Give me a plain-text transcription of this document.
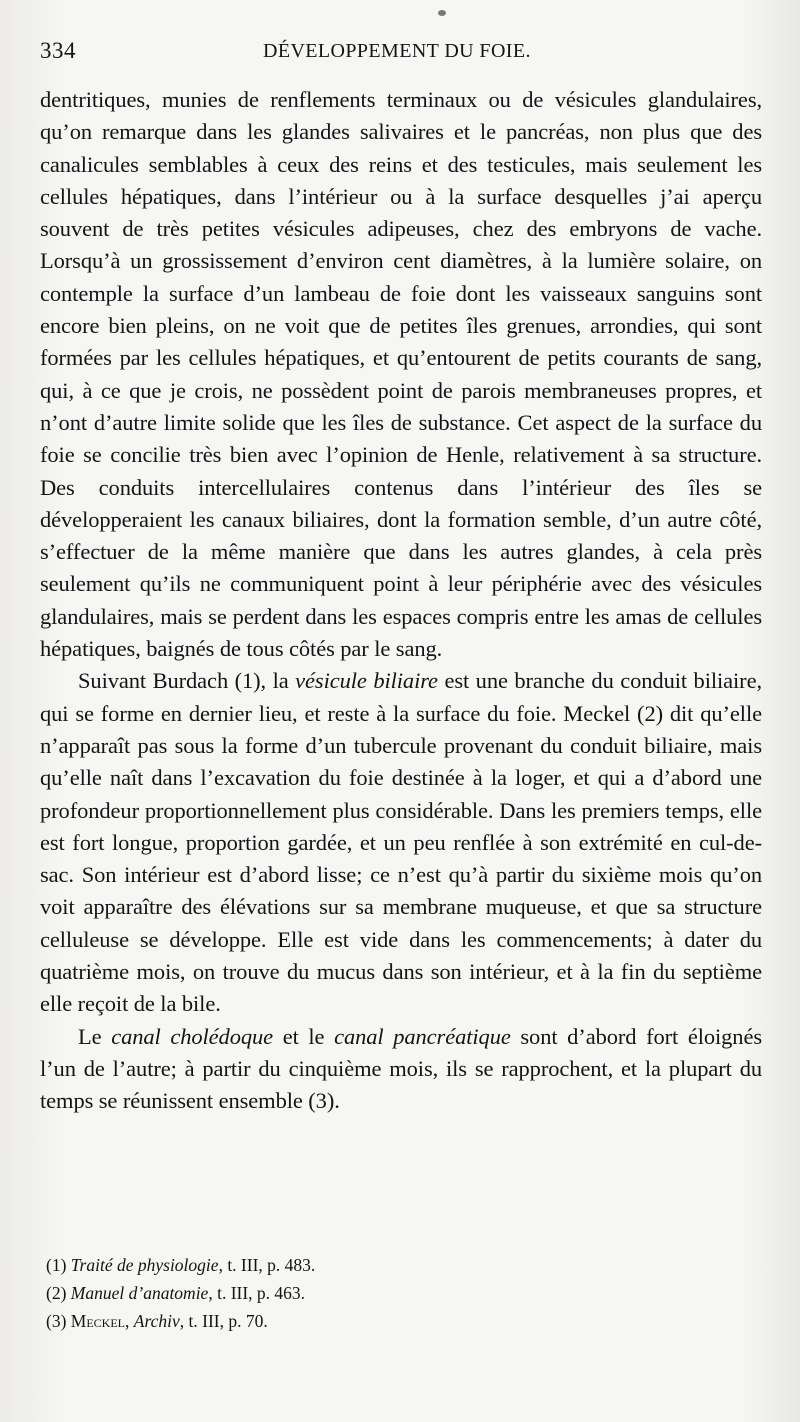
334	DÉVELOPPEMENT DU FOIE.

dentritiques, munies de renflements terminaux ou de vésicules glandulaires, qu’on remarque dans les glandes salivaires et le pancréas, non plus que des canalicules semblables à ceux des reins et des testicules, mais seulement les cellules hépatiques, dans l’intérieur ou à la surface desquelles j’ai aperçu souvent de très petites vésicules adipeuses, chez des embryons de vache. Lorsqu’à un grossissement d’environ cent diamètres, à la lumière solaire, on contemple la surface d’un lambeau de foie dont les vaisseaux sanguins sont encore bien pleins, on ne voit que de petites îles grenues, arrondies, qui sont formées par les cellules hépatiques, et qu’entourent de petits courants de sang, qui, à ce que je crois, ne possèdent point de parois membraneuses propres, et n’ont d’autre limite solide que les îles de substance. Cet aspect de la surface du foie se concilie très bien avec l’opinion de Henle, relativement à sa structure. Des conduits intercellulaires contenus dans l’intérieur des îles se développeraient les canaux biliaires, dont la formation semble, d’un autre côté, s’effectuer de la même manière que dans les autres glandes, à cela près seulement qu’ils ne communiquent point à leur périphérie avec des vésicules glandulaires, mais se perdent dans les espaces compris entre les amas de cellules hépatiques, baignés de tous côtés par le sang.

Suivant Burdach (1), la vésicule biliaire est une branche du conduit biliaire, qui se forme en dernier lieu, et reste à la surface du foie. Meckel (2) dit qu’elle n’apparaît pas sous la forme d’un tubercule provenant du conduit biliaire, mais qu’elle naît dans l’excavation du foie destinée à la loger, et qui a d’abord une profondeur proportionnellement plus considérable. Dans les premiers temps, elle est fort longue, proportion gardée, et un peu renflée à son extrémité en cul-de-sac. Son intérieur est d’abord lisse; ce n’est qu’à partir du sixième mois qu’on voit apparaître des élévations sur sa membrane muqueuse, et que sa structure celluleuse se développe. Elle est vide dans les commencements; à dater du quatrième mois, on trouve du mucus dans son intérieur, et à la fin du septième elle reçoit de la bile.

Le canal cholédoque et le canal pancréatique sont d’abord fort éloignés l’un de l’autre; à partir du cinquième mois, ils se rapprochent, et la plupart du temps se réunissent ensemble (3).

(1) Traité de physiologie, t. III, p. 483.

(2) Manuel d’anatomie, t. III, p. 463.

(3) Meckel, Archiv, t. III, p. 70.
